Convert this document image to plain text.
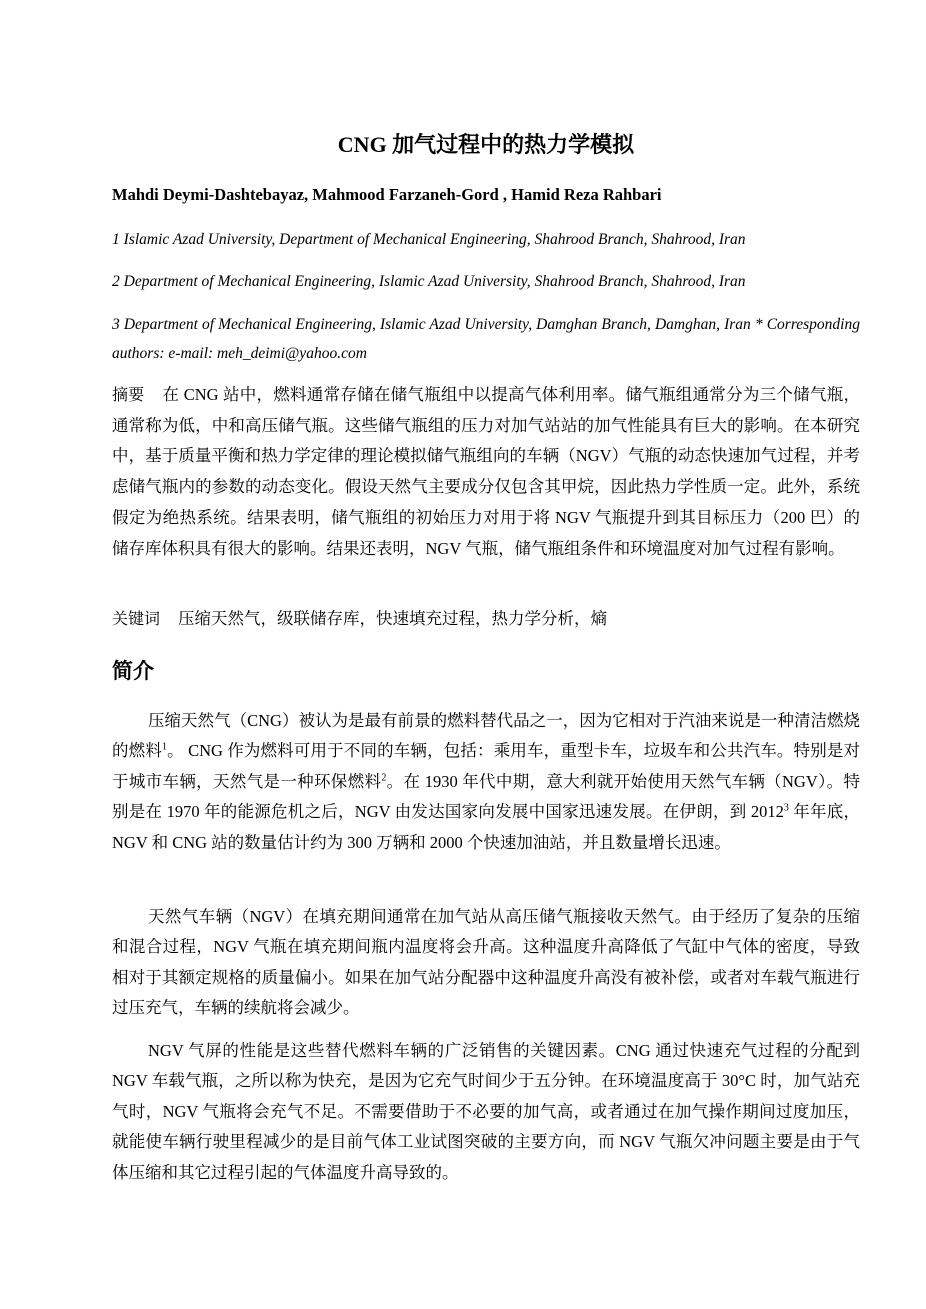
CNG 加气过程中的热力学模拟
Mahdi Deymi-Dashtebayaz, Mahmood Farzaneh-Gord , Hamid Reza Rahbari
1 Islamic Azad University, Department of Mechanical Engineering, Shahrood Branch, Shahrood, Iran
2 Department of Mechanical Engineering, Islamic Azad University, Shahrood Branch, Shahrood, Iran
3 Department of Mechanical Engineering, Islamic Azad University, Damghan Branch, Damghan, Iran * Corresponding authors: e-mail: meh_deimi@yahoo.com
摘要 在 CNG 站中，燃料通常存储在储气瓶组中以提高气体利用率。储气瓶组通常分为三个储气瓶，通常称为低，中和高压储气瓶。这些储气瓶组的压力对加气站站的加气性能具有巨大的影响。在本研究中，基于质量平衡和热力学定律的理论模拟储气瓶组向的车辆（NGV）气瓶的动态快速加气过程，并考虑储气瓶内的参数的动态变化。假设天然气主要成分仅包含其甲烷，因此热力学性质一定。此外，系统假定为绝热系统。结果表明，储气瓶组的初始压力对用于将 NGV 气瓶提升到其目标压力（200 巴）的储存库体积具有很大的影响。结果还表明，NGV 气瓶，储气瓶组条件和环境温度对加气过程有影响。
关键词 压缩天然气，级联储存库，快速填充过程，热力学分析，熵
简介
压缩天然气（CNG）被认为是最有前景的燃料替代品之一，因为它相对于汽油来说是一种清洁燃烧的燃料$^1$。 CNG 作为燃料可用于不同的车辆，包括：乘用车，重型卡车，垃圾车和公共汽车。特别是对于城市车辆，天然气是一种环保燃料$^2$。在 1930 年代中期，意大利就开始使用天然气车辆（NGV）。特别是在 1970 年的能源危机之后，NGV 由发达国家向发展中国家迅速发展。在伊朗，到 2012$^3$ 年年底，NGV 和 CNG 站的数量估计约为 300 万辆和 2000 个快速加油站，并且数量增长迅速。
天然气车辆（NGV）在填充期间通常在加气站从高压储气瓶接收天然气。由于经历了复杂的压缩和混合过程，NGV 气瓶在填充期间瓶内温度将会升高。这种温度升高降低了气缸中气体的密度，导致相对于其额定规格的质量偏小。如果在加气站分配器中这种温度升高没有被补偿，或者对车载气瓶进行过压充气，车辆的续航将会减少。
NGV 气屏的性能是这些替代燃料车辆的广泛销售的关键因素。CNG 通过快速充气过程的分配到 NGV 车载气瓶，之所以称为快充，是因为它充气时间少于五分钟。在环境温度高于 30°C 时，加气站充气时，NGV 气瓶将会充气不足。不需要借助于不必要的加气高，或者通过在加气操作期间过度加压，就能使车辆行驶里程减少的是目前气体工业试图突破的主要方向，而 NGV 气瓶欠冲问题主要是由于气体压缩和其它过程引起的气体温度升高导致的。
